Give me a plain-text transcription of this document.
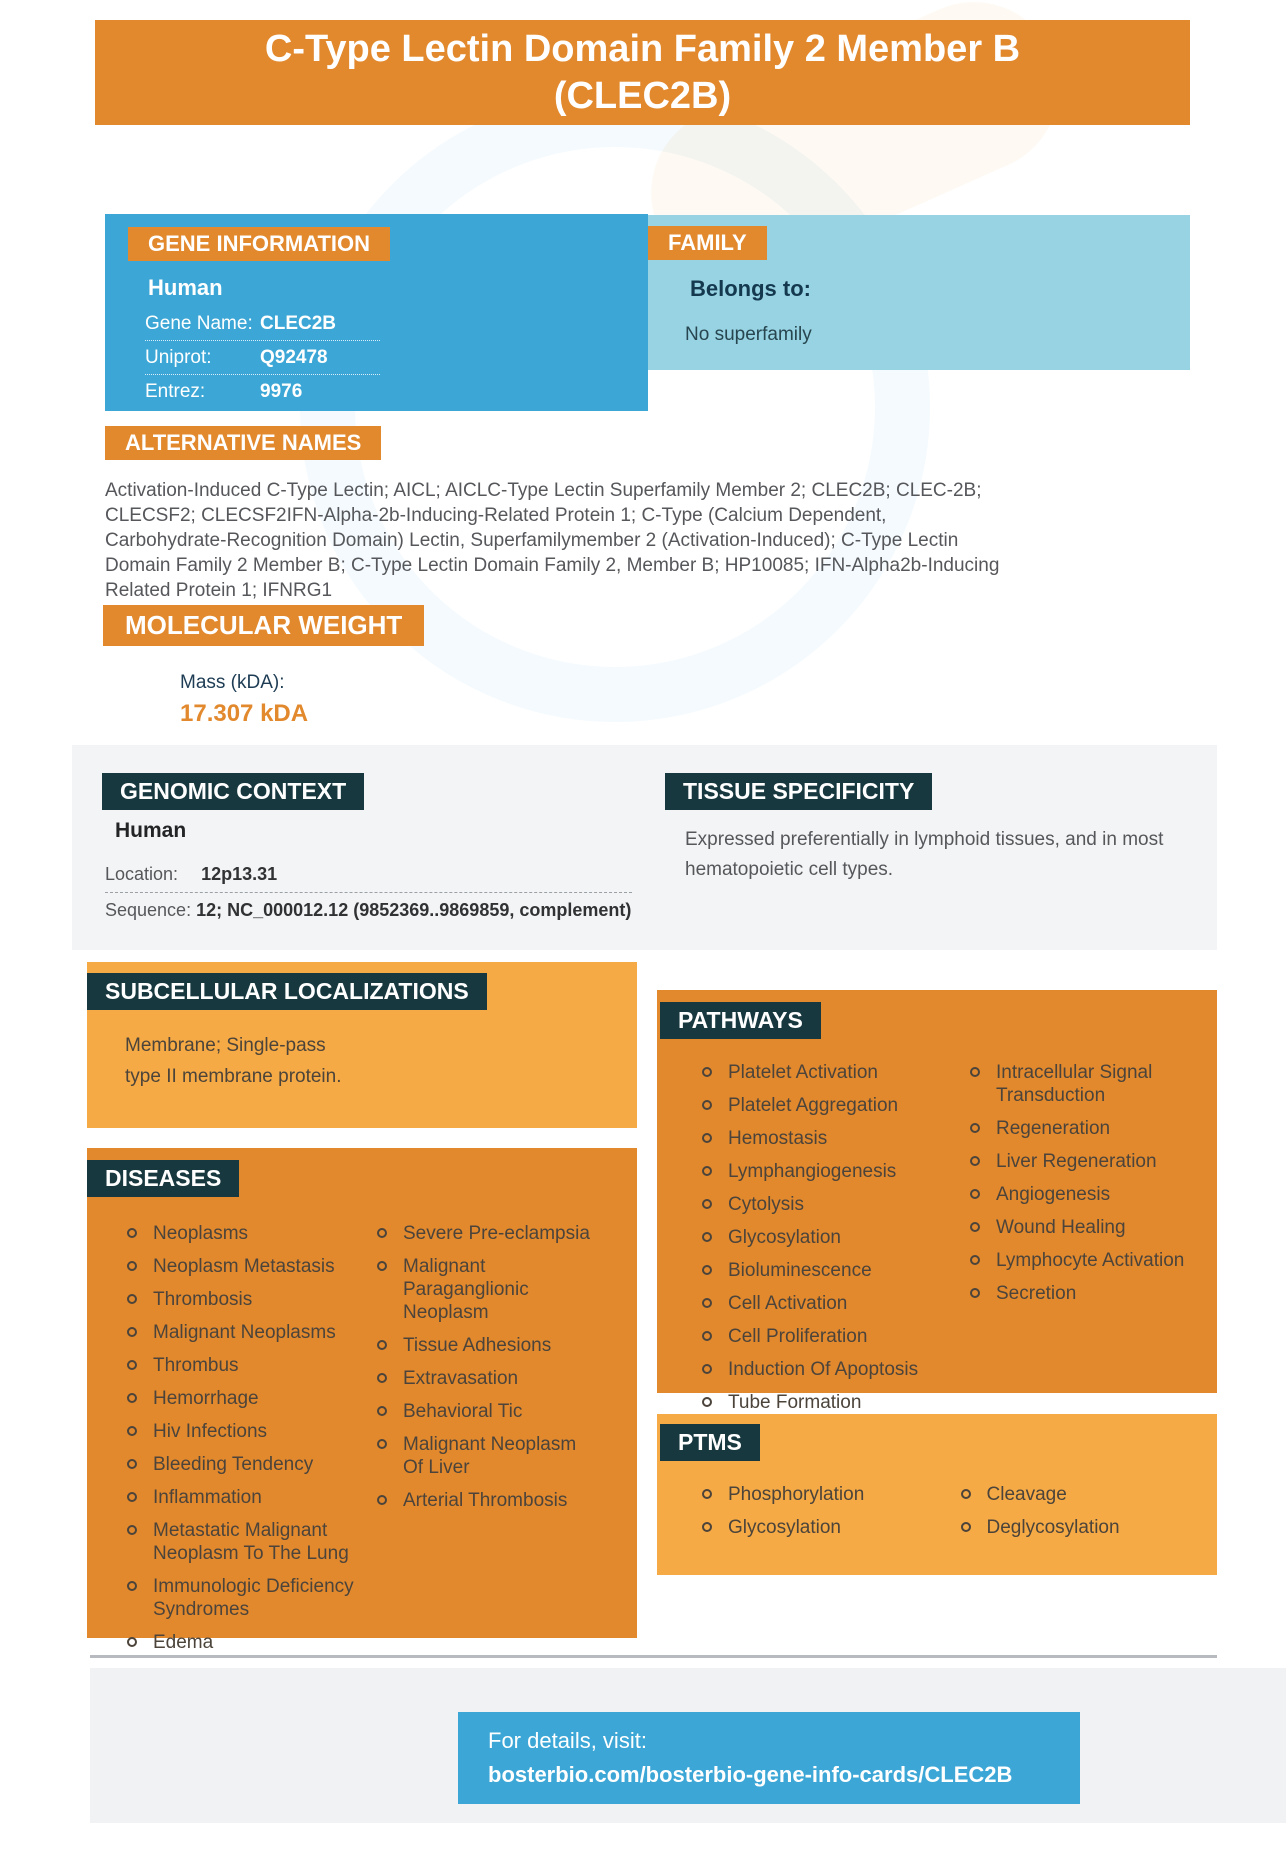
C-Type Lectin Domain Family 2 Member B
(CLEC2B)
GENE INFORMATION
Human
Gene Name: CLEC2B
Uniprot:	Q92478
Entrez:	9976
FAMILY
Belongs to:
No superfamily
ALTERNATIVE NAMES
Activation-Induced C-Type Lectin; AICL; AICLC-Type Lectin Superfamily Member 2; CLEC2B; CLEC-2B; CLECSF2; CLECSF2IFN-Alpha-2b-Inducing-Related Protein 1; C-Type (Calcium Dependent, Carbohydrate-Recognition Domain) Lectin, Superfamilymember 2 (Activation-Induced); C-Type Lectin Domain Family 2 Member B; C-Type Lectin Domain Family 2, Member B; HP10085; IFN-Alpha2b-Inducing Related Protein 1; IFNRG1
MOLECULAR WEIGHT
Mass (kDA):
17.307 kDA
GENOMIC CONTEXT
Human
Location: 12p13.31
Sequence: 12; NC_000012.12 (9852369..9869859, complement)
TISSUE SPECIFICITY
Expressed preferentially in lymphoid tissues, and in most hematopoietic cell types.
SUBCELLULAR LOCALIZATIONS
Membrane; Single-pass type II membrane protein.
PATHWAYS
Platelet Activation
Platelet Aggregation
Hemostasis
Lymphangiogenesis
Cytolysis
Glycosylation
Bioluminescence
Cell Activation
Cell Proliferation
Induction Of Apoptosis
Tube Formation
Intracellular Signal Transduction
Regeneration
Liver Regeneration
Angiogenesis
Wound Healing
Lymphocyte Activation
Secretion
DISEASES
Neoplasms
Neoplasm Metastasis
Thrombosis
Malignant Neoplasms
Thrombus
Hemorrhage
Hiv Infections
Bleeding Tendency
Inflammation
Metastatic Malignant Neoplasm To The Lung
Immunologic Deficiency Syndromes
Edema
Severe Pre-eclampsia
Malignant Paraganglionic Neoplasm
Tissue Adhesions
Extravasation
Behavioral Tic
Malignant Neoplasm Of Liver
Arterial Thrombosis
PTMS
Phosphorylation
Glycosylation
Cleavage
Deglycosylation
For details, visit:
bosterbio.com/bosterbio-gene-info-cards/CLEC2B
